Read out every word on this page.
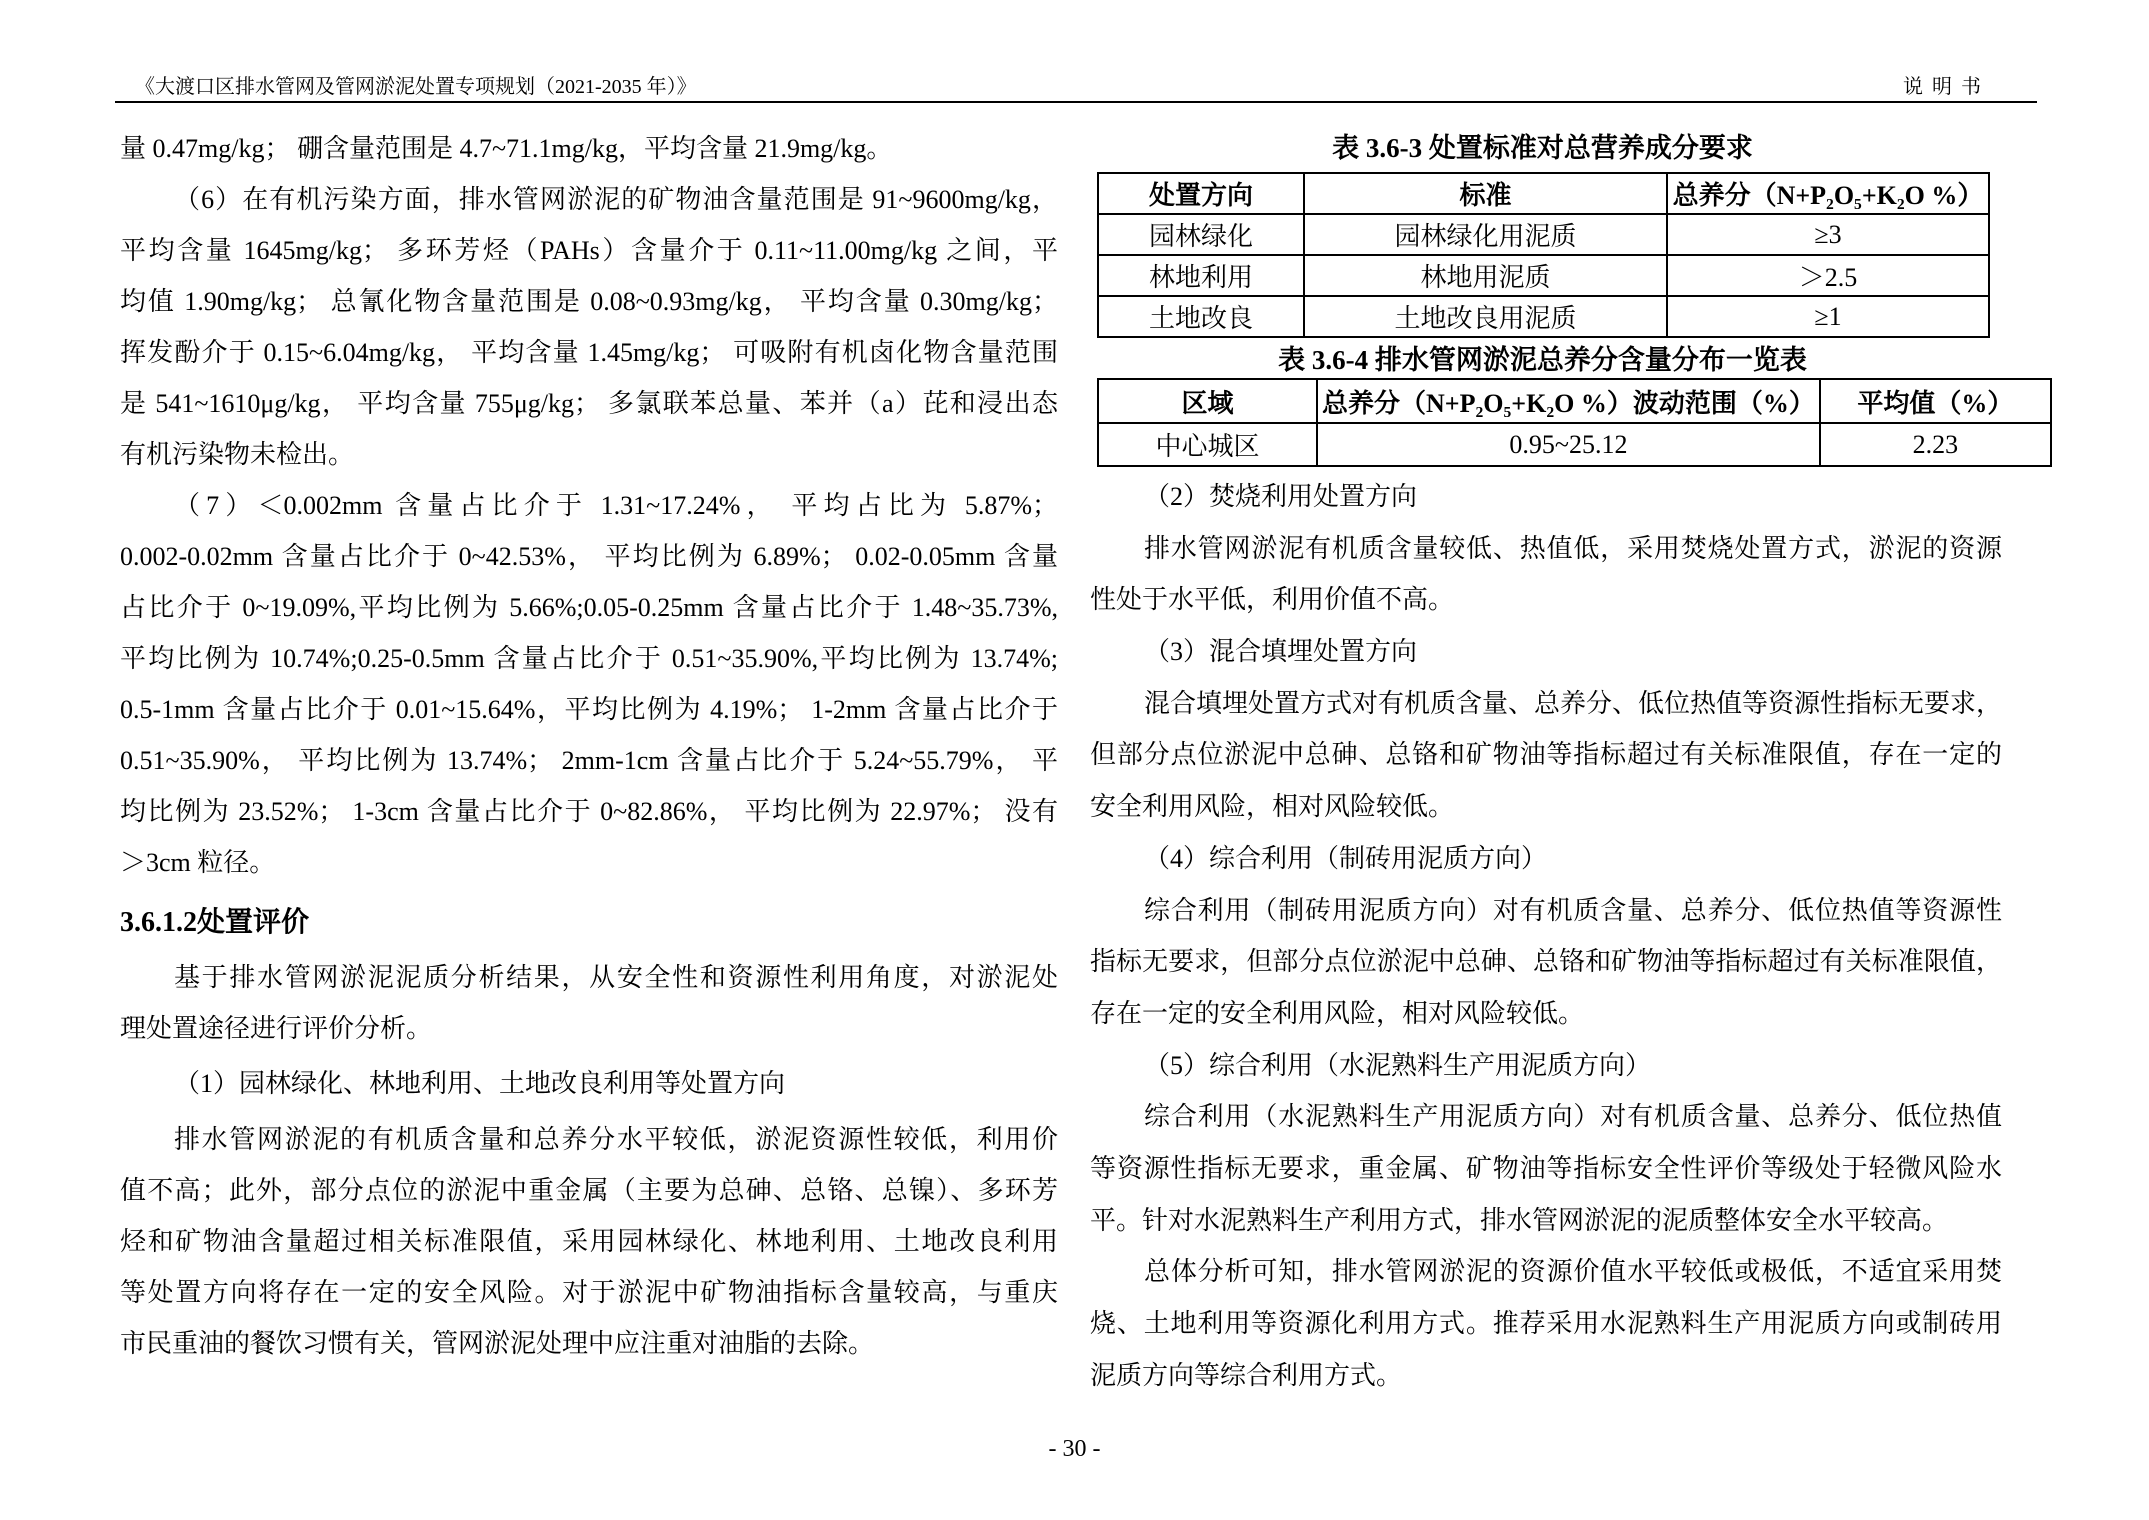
《大渡口区排水管网及管网淤泥处置专项规划（2021-2035 年）》	说明书
量 0.47mg/kg； 硼含量范围是 4.7~71.1mg/kg，平均含量 21.9mg/kg。
（6）在有机污染方面，排水管网淤泥的矿物油含量范围是 91~9600mg/kg，
平均含量 1645mg/kg； 多环芳烃（PAHs）含量介于 0.11~11.00mg/kg 之间，平
均值 1.90mg/kg； 总氰化物含量范围是 0.08~0.93mg/kg， 平均含量 0.30mg/kg；
挥发酚介于 0.15~6.04mg/kg， 平均含量 1.45mg/kg； 可吸附有机卤化物含量范围
是 541~1610μg/kg， 平均含量 755μg/kg； 多氯联苯总量、苯并（a）芘和浸出态
有机污染物未检出。
（7）＜0.002mm 含量占比介于 1.31~17.24%， 平均占比为 5.87%；
0.002-0.02mm 含量占比介于 0~42.53%， 平均比例为 6.89%； 0.02-0.05mm 含量
占比介于 0~19.09%,平均比例为 5.66%;0.05-0.25mm 含量占比介于 1.48~35.73%,
平均比例为 10.74%;0.25-0.5mm 含量占比介于 0.51~35.90%,平均比例为 13.74%;
0.5-1mm 含量占比介于 0.01~15.64%，平均比例为 4.19%； 1-2mm 含量占比介于
0.51~35.90%， 平均比例为 13.74%； 2mm-1cm 含量占比介于 5.24~55.79%， 平
均比例为 23.52%； 1-3cm 含量占比介于 0~82.86%， 平均比例为 22.97%； 没有
＞3cm 粒径。
3.6.1.2处置评价
基于排水管网淤泥泥质分析结果，从安全性和资源性利用角度，对淤泥处
理处置途径进行评价分析。
（1）园林绿化、林地利用、土地改良利用等处置方向
排水管网淤泥的有机质含量和总养分水平较低，淤泥资源性较低，利用价
值不高；此外，部分点位的淤泥中重金属（主要为总砷、总铬、总镍）、多环芳
烃和矿物油含量超过相关标准限值，采用园林绿化、林地利用、土地改良利用
等处置方向将存在一定的安全风险。对于淤泥中矿物油指标含量较高，与重庆
市民重油的餐饮习惯有关，管网淤泥处理中应注重对油脂的去除。
表 3.6-3 处置标准对总营养成分要求
处置方向	标准	总养分（N+P₂O₅+K₂O %）
园林绿化	园林绿化用泥质	≥3
林地利用	林地用泥质	＞2.5
土地改良	土地改良用泥质	≥1
表 3.6-4 排水管网淤泥总养分含量分布一览表
区域	总养分（N+P₂O₅+K₂O %）波动范围（%）	平均值（%）
中心城区	0.95~25.12	2.23
（2）焚烧利用处置方向
排水管网淤泥有机质含量较低、热值低，采用焚烧处置方式，淤泥的资源
性处于水平低，利用价值不高。
（3）混合填埋处置方向
混合填埋处置方式对有机质含量、总养分、低位热值等资源性指标无要求，
但部分点位淤泥中总砷、总铬和矿物油等指标超过有关标准限值，存在一定的
安全利用风险，相对风险较低。
（4）综合利用（制砖用泥质方向）
综合利用（制砖用泥质方向）对有机质含量、总养分、低位热值等资源性
指标无要求，但部分点位淤泥中总砷、总铬和矿物油等指标超过有关标准限值，
存在一定的安全利用风险，相对风险较低。
（5）综合利用（水泥熟料生产用泥质方向）
综合利用（水泥熟料生产用泥质方向）对有机质含量、总养分、低位热值
等资源性指标无要求，重金属、矿物油等指标安全性评价等级处于轻微风险水
平。针对水泥熟料生产利用方式，排水管网淤泥的泥质整体安全水平较高。
总体分析可知，排水管网淤泥的资源价值水平较低或极低，不适宜采用焚
烧、土地利用等资源化利用方式。推荐采用水泥熟料生产用泥质方向或制砖用
泥质方向等综合利用方式。
- 30 -
